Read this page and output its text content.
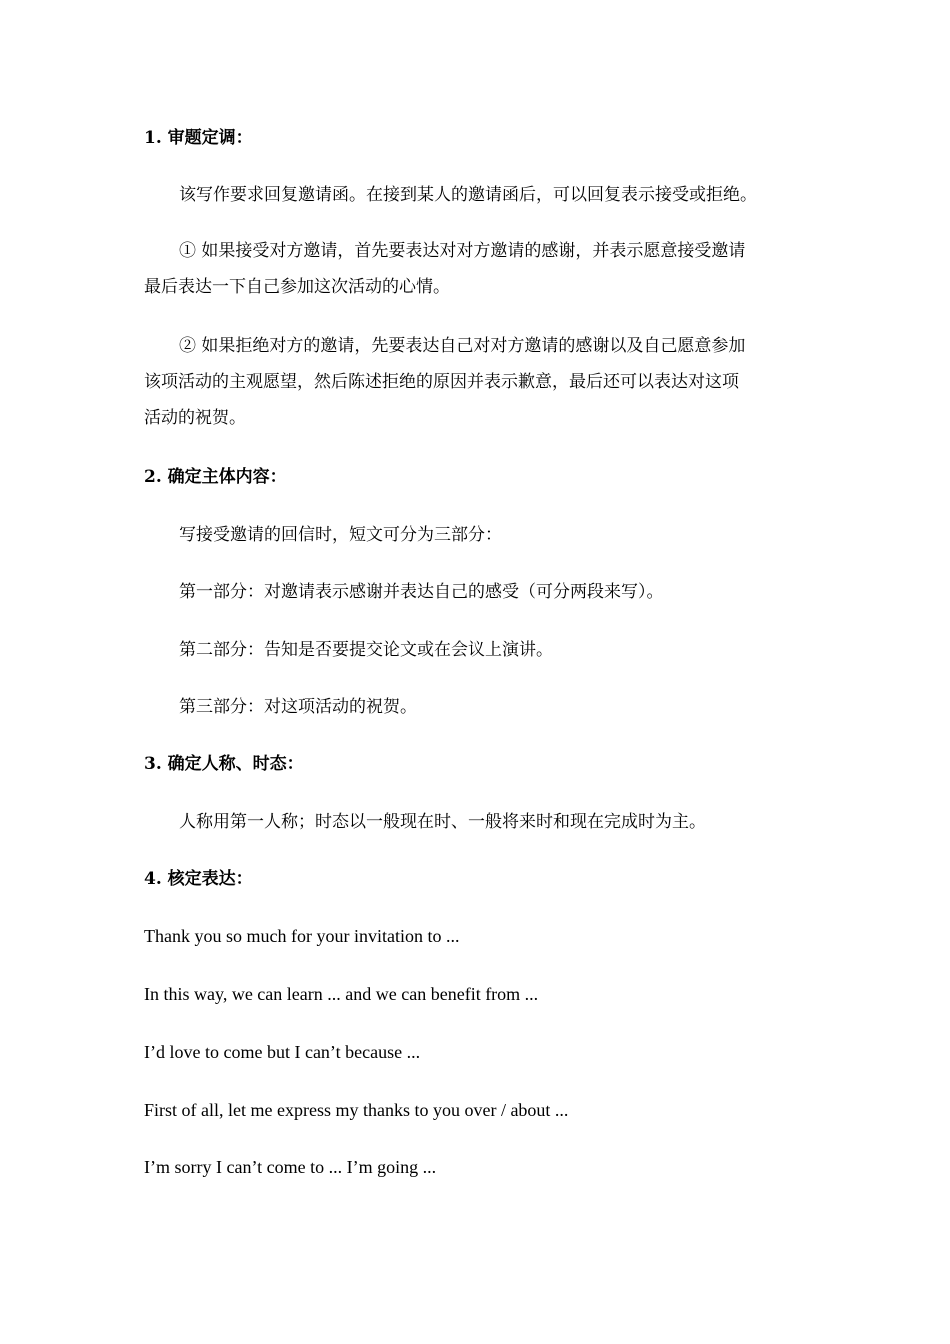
1. 审题定调：

该写作要求回复邀请函。在接到某人的邀请函后，可以回复表示接受或拒绝。

① 如果接受对方邀请，首先要表达对对方邀请的感谢，并表示愿意接受邀请

最后表达一下自己参加这次活动的心情。

② 如果拒绝对方的邀请，先要表达自己对对方邀请的感谢以及自己愿意参加

该项活动的主观愿望，然后陈述拒绝的原因并表示歉意，最后还可以表达对这项

活动的祝贺。

2. 确定主体内容：

写接受邀请的回信时，短文可分为三部分：

第一部分：对邀请表示感谢并表达自己的感受（可分两段来写）。

第二部分：告知是否要提交论文或在会议上演讲。

第三部分：对这项活动的祝贺。

3. 确定人称、时态：

人称用第一人称；时态以一般现在时、一般将来时和现在完成时为主。

4. 核定表达：

Thank you so much for your invitation to ...

In this way, we can learn ... and we can benefit from ...

I’d love to come but I can’t because ...

First of all, let me express my thanks to you over / about ...

I’m sorry I can’t come to ... I’m going ...
